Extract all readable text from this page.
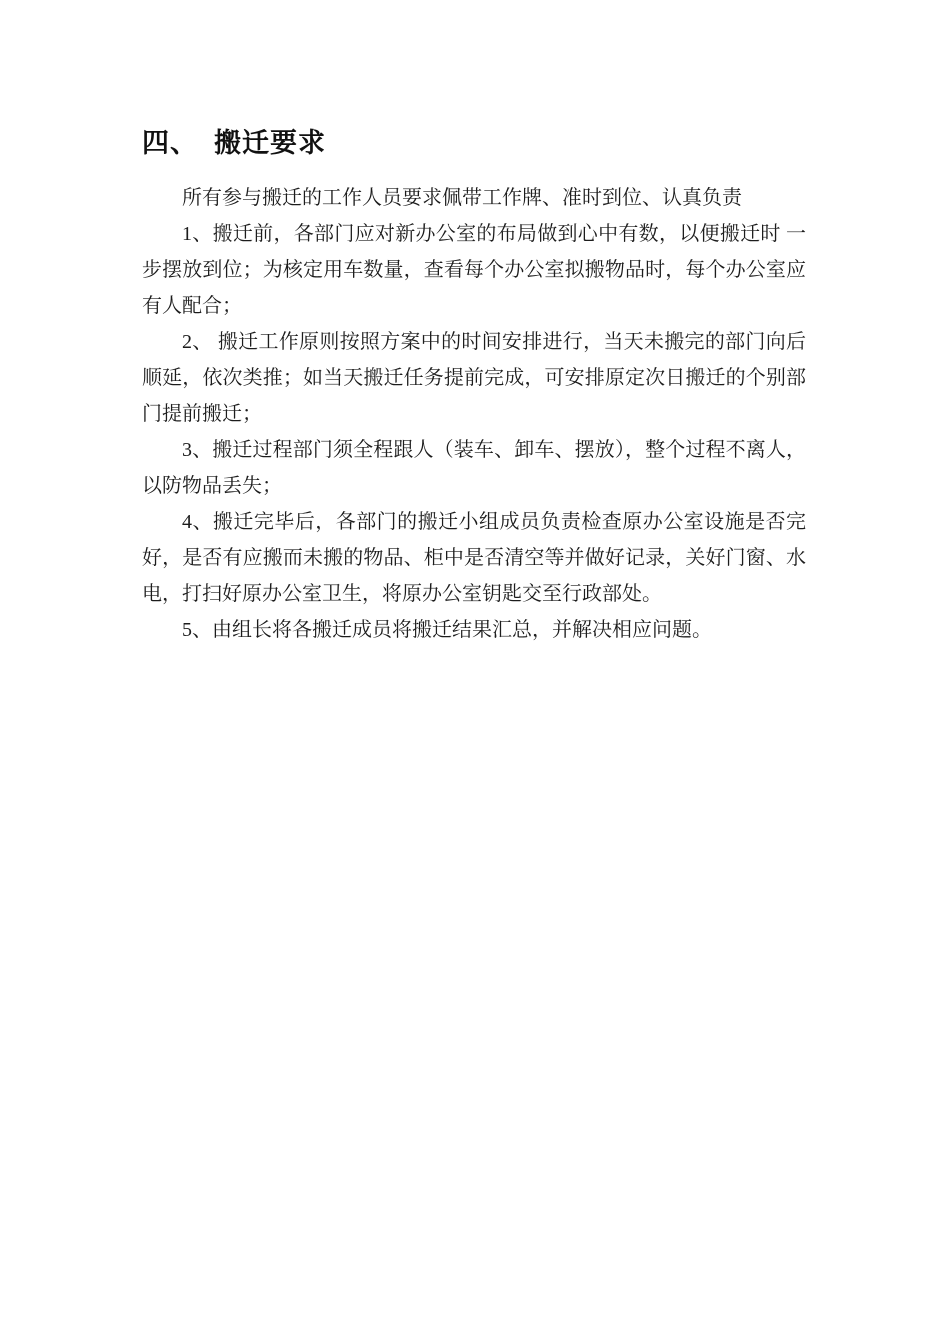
四、 搬迁要求

所有参与搬迁的工作人员要求佩带工作牌、准时到位、认真负责

1、搬迁前，各部门应对新办公室的布局做到心中有数，以便搬迁时 一步摆放到位；为核定用车数量，查看每个办公室拟搬物品时，每个办公室应有人配合；

2、 搬迁工作原则按照方案中的时间安排进行，当天未搬完的部门向后顺延，依次类推；如当天搬迁任务提前完成，可安排原定次日搬迁的个别部门提前搬迁；

3、搬迁过程部门须全程跟人（装车、卸车、摆放），整个过程不离人，以防物品丢失；

4、搬迁完毕后，各部门的搬迁小组成员负责检查原办公室设施是否完好，是否有应搬而未搬的物品、柜中是否清空等并做好记录，关好门窗、水电，打扫好原办公室卫生，将原办公室钥匙交至行政部处。

5、由组长将各搬迁成员将搬迁结果汇总，并解决相应问题。
